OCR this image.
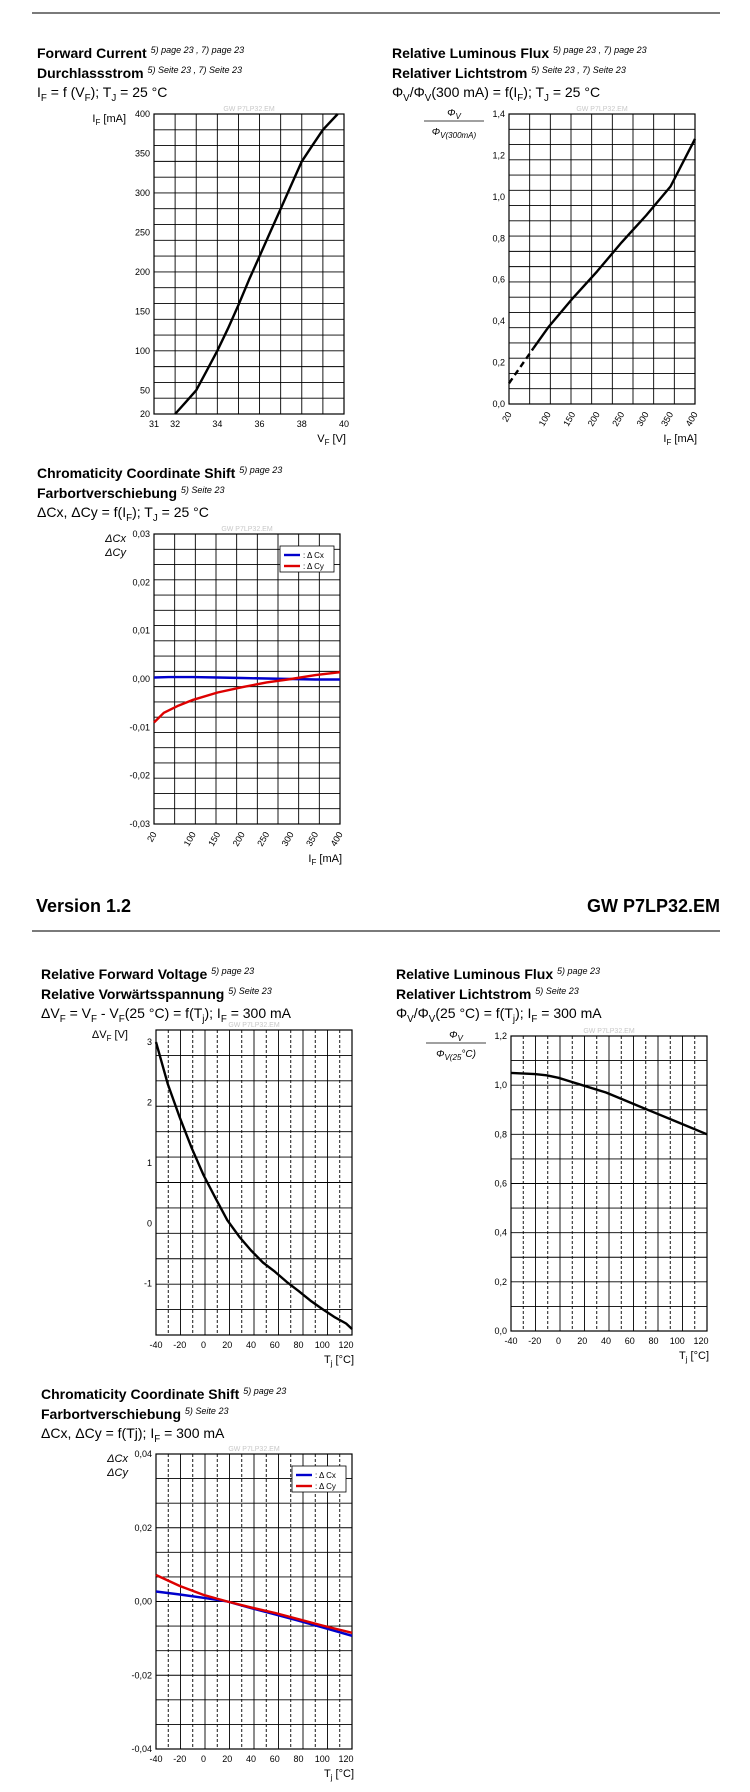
Forward Current $^{5) page 23 , 7) page 23}$
Durchlassstrom $^{5) Seite 23 , 7) Seite 23}$
$I_F = f$ $(V_F)$; $T_J = 25$ °C
Relative Luminous Flux $^{5) page 23 , 7) page 23}$
Relativer Lichtstrom $^{5) Seite 23 , 7) Seite 23}$
$\Phi_V/\Phi_V(300$ $mA) = f(I_F)$; $T_J = 25$ °C
Chromaticity Coordinate Shift $^{5) page 23}$
Farbortverschiebung $^{5) Seite 23}$
ΔCx, $\Delta Cy = f(I_F)$; $T_J = 25$ °C
Version 1.2	GW P7LP32.EM
Relative Forward Voltage $^{5) page 23}$
Relative Vorwärtsspannung $^{5) Seite 23}$
$\Delta V_F = V_F - V_F(25$ $^\circ C) = f(T_j)$; $I_F = 300$ mA
Relative Luminous Flux $^{5) page 23}$
Relativer Lichtstrom $^{5) Seite 23}$
$\Phi_V/\Phi_V(25$ $^\circ C) = f(T_j)$; $I_F = 300$ mA
Chromaticity Coordinate Shift $^{5) page 23}$
Farbortverschiebung $^{5) Seite 23}$
ΔCx, ΔCy = f(Tj); $I_F = 300$ mA
GW P7LP32.EM
20
50
100
150
200
250
300
350
400
31 32	34	36	38	40
$V_F$ [V]
$I_F$ [mA]
GW P7LP32.EM
0,0
0,2
0,4
0,6
0,8
1,0
1,2
1,4
20	100 150 200 250 300 350 400
$I_F$ [mA]
$\Phi_V$
$\Phi_{V(300mA)}$
GW P7LP32.EM
-0,03
-0,02
-0,01
0,00
0,01
0,02
0,03
20	100 150 200 250 300 350 400
$I_F$ [mA]
ΔCx
ΔCy	: Δ Cx
: Δ Cy
GW P7LP32.EM
-1
0
1
2
3
-40 -20 0 20 40 60 80 100 120
$T_j$ [°C]
$\Delta V_F$ [V]	GW P7LP32.EM
0,0
0,2
0,4
0,6
0,8
1,0
1,2
-40 -20 0 20 40 60 80 100 120
$T_j$ [°C]
$\Phi_V$
$\Phi_{V(25}^\circ C$)
GW P7LP32.EM
-0,04
-0,02
0,00
0,02
0,04
-40 -20 0 20 40 60 80 100 120
$T_j$ [°C]
ΔCx
ΔCy	: Δ Cx
: Δ Cy
